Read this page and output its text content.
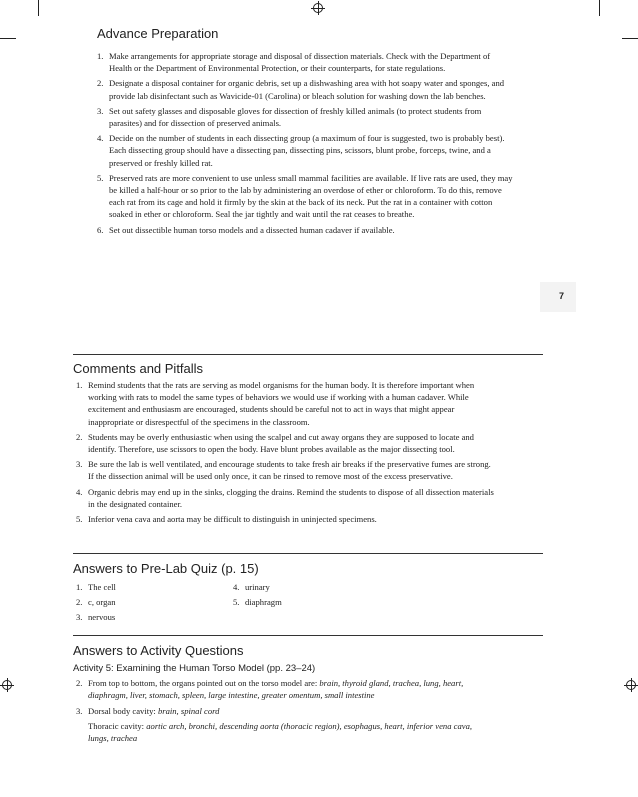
Advance Preparation
1. Make arrangements for appropriate storage and disposal of dissection materials. Check with the Department of Health or the Department of Environmental Protection, or their counterparts, for state regulations.
2. Designate a disposal container for organic debris, set up a dishwashing area with hot soapy water and sponges, and provide lab disinfectant such as Wavicide-01 (Carolina) or bleach solution for washing down the lab benches.
3. Set out safety glasses and disposable gloves for dissection of freshly killed animals (to protect students from parasites) and for dissection of preserved animals.
4. Decide on the number of students in each dissecting group (a maximum of four is suggested, two is probably best). Each dissecting group should have a dissecting pan, dissecting pins, scissors, blunt probe, forceps, twine, and a preserved or freshly killed rat.
5. Preserved rats are more convenient to use unless small mammal facilities are available. If live rats are used, they may be killed a half-hour or so prior to the lab by administering an overdose of ether or chloroform. To do this, remove each rat from its cage and hold it firmly by the skin at the back of its neck. Put the rat in a container with cotton soaked in ether or chloroform. Seal the jar tightly and wait until the rat ceases to breathe.
6. Set out dissectible human torso models and a dissected human cadaver if available.
7
Comments and Pitfalls
1. Remind students that the rats are serving as model organisms for the human body. It is therefore important when working with rats to model the same types of behaviors we would use if working with a human cadaver. While excitement and enthusiasm are encouraged, students should be careful not to act in ways that might appear inappropriate or disrespectful of the specimens in the classroom.
2. Students may be overly enthusiastic when using the scalpel and cut away organs they are supposed to locate and identify. Therefore, use scissors to open the body. Have blunt probes available as the major dissecting tool.
3. Be sure the lab is well ventilated, and encourage students to take fresh air breaks if the preservative fumes are strong. If the dissection animal will be used only once, it can be rinsed to remove most of the excess preservative.
4. Organic debris may end up in the sinks, clogging the drains. Remind the students to dispose of all dissection materials in the designated container.
5. Inferior vena cava and aorta may be difficult to distinguish in uninjected specimens.
Answers to Pre-Lab Quiz (p. 15)
1. The cell
2. c, organ
3. nervous
4. urinary
5. diaphragm
Answers to Activity Questions
Activity 5: Examining the Human Torso Model (pp. 23–24)
2. From top to bottom, the organs pointed out on the torso model are: brain, thyroid gland, trachea, lung, heart, diaphragm, liver, stomach, spleen, large intestine, greater omentum, small intestine
3. Dorsal body cavity: brain, spinal cord
Thoracic cavity: aortic arch, bronchi, descending aorta (thoracic region), esophagus, heart, inferior vena cava, lungs, trachea
